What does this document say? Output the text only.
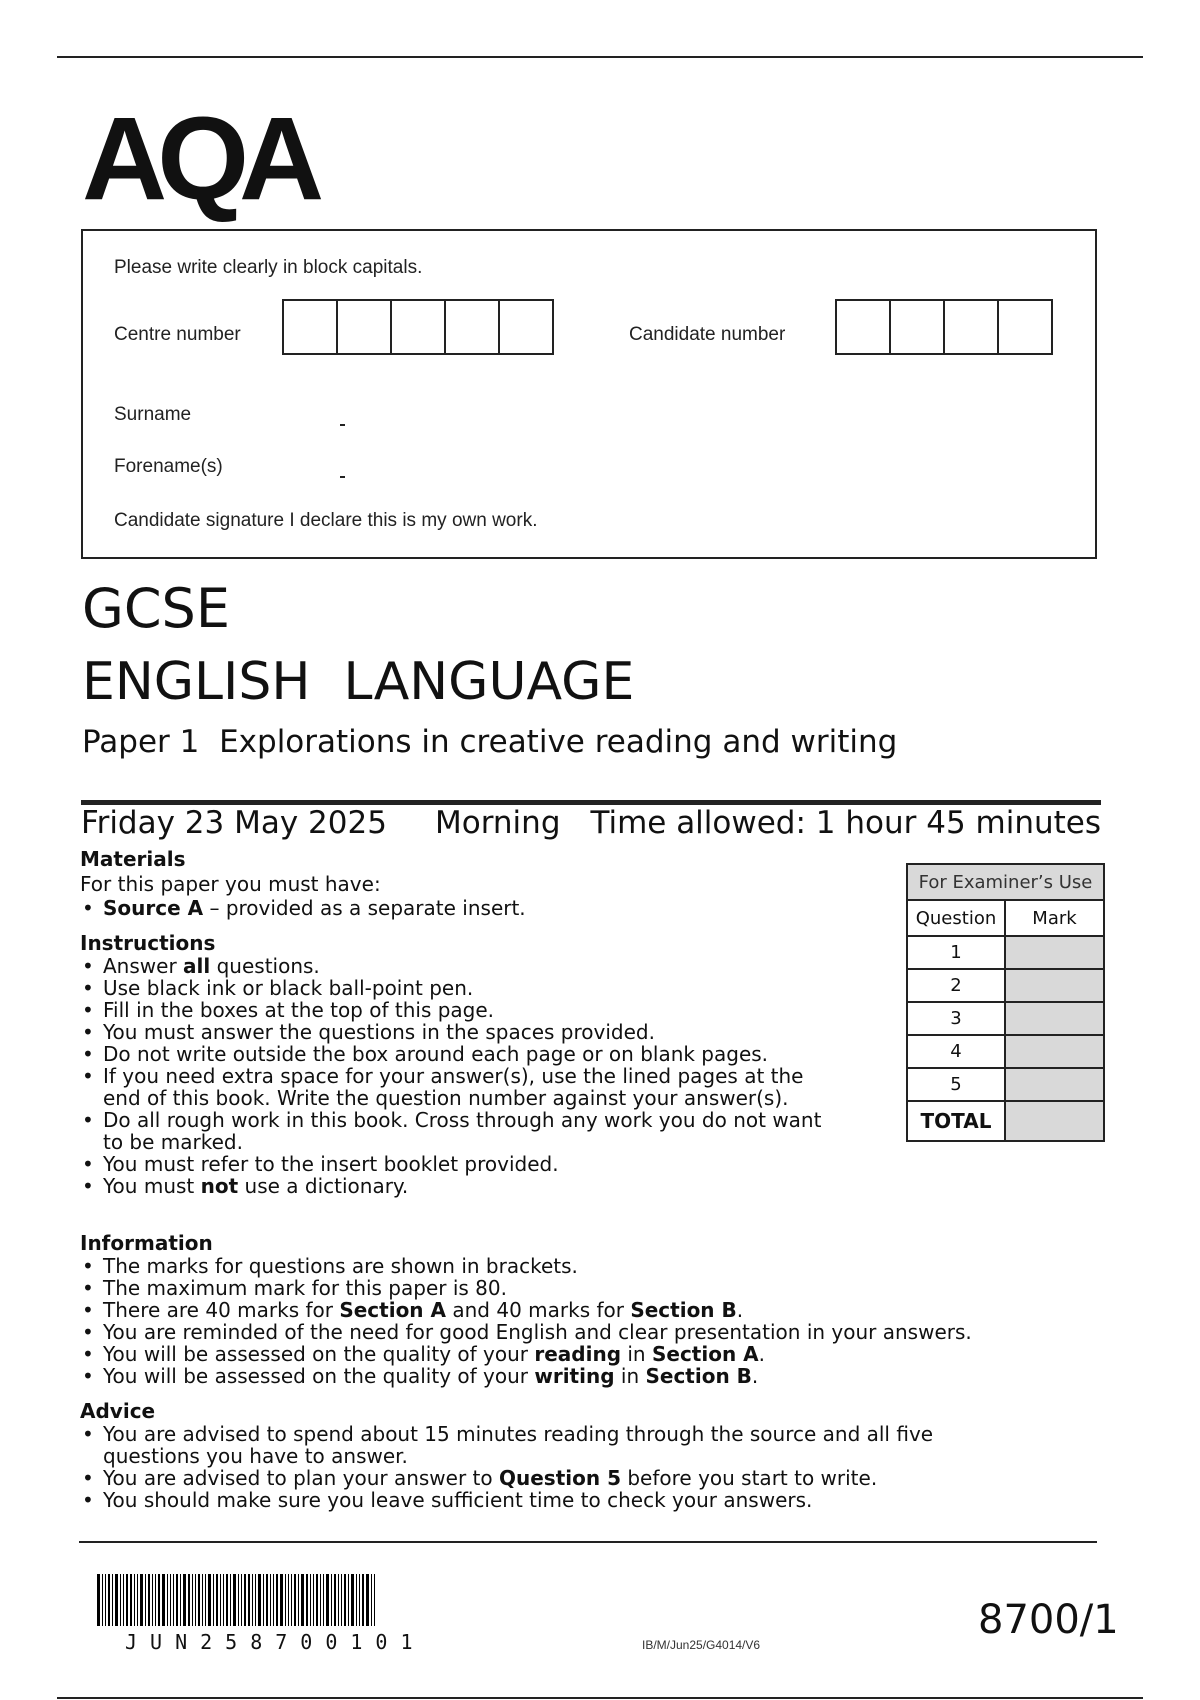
AQA
Please write clearly in block capitals.
Centre number	Candidate number
Surname
Forename(s)
Candidate signature I declare this is my own work.
GCSE
ENGLISH  LANGUAGE
Paper 1  Explorations in creative reading and writing
Friday 23 May 2025 Morning Time allowed: 1 hour 45 minutes
Materials

For this paper you must have:

• Source A – provided as a separate insert.
Instructions
• Answer all questions.
• Use black ink or black ball-point pen.
• Fill in the boxes at the top of this page.
• You must answer the questions in the spaces provided.
• Do not write outside the box around each page or on blank pages.
• If you need extra space for your answer(s), use the lined pages at the end of this book. Write the question number against your answer(s).
• Do all rough work in this book. Cross through any work you do not want to be marked.
• You must refer to the insert booklet provided.
• You must not use a dictionary.
Information
• The marks for questions are shown in brackets.
• The maximum mark for this paper is 80.
• There are 40 marks for Section A and 40 marks for Section B.
• You are reminded of the need for good English and clear presentation in your answers.
• You will be assessed on the quality of your reading in Section A.
• You will be assessed on the quality of your writing in Section B.
Advice
• You are advised to spend about 15 minutes reading through the source and all five questions you have to answer.
• You are advised to plan your answer to Question 5 before you start to write.
• You should make sure you leave sufficient time to check your answers.
For Examiner’s Use	
Question	Mark
1	
2	
3	
4	
5	
TOTAL	
JUN258700101	IB/M/Jun25/G4014/V6
8700/1
